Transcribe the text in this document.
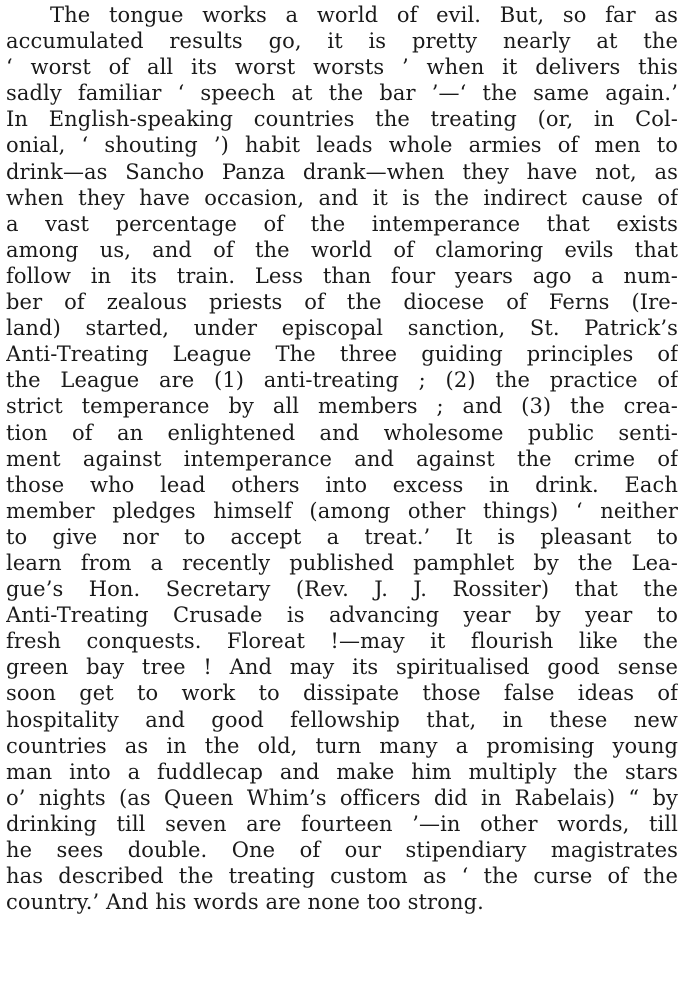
The tongue works a world of evil. But, so far as
accumulated results go, it is pretty nearly at the
‘ worst of all its worst worsts ’ when it delivers this
sadly familiar ‘ speech at the bar ’—‘ the same again.’
In English-speaking countries the treating (or, in Col-
onial, ‘ shouting ’) habit leads whole armies of men to
drink—as Sancho Panza drank—when they have not, as
when they have occasion, and it is the indirect cause of
a vast percentage of the intemperance that exists
among us, and of the world of clamoring evils that
follow in its train. Less than four years ago a num-
ber of zealous priests of the diocese of Ferns (Ire-
land) started, under episcopal sanction, St. Patrick’s
Anti-Treating League The three guiding principles of
the League are (1) anti-treating ; (2) the practice of
strict temperance by all members ; and (3) the crea-
tion of an enlightened and wholesome public senti-
ment against intemperance and against the crime of
those who lead others into excess in drink. Each
member pledges himself (among other things) ‘ neither
to give nor to accept a treat.’ It is pleasant to
learn from a recently published pamphlet by the Lea-
gue’s Hon. Secretary (Rev. J. J. Rossiter) that the
Anti-Treating Crusade is advancing year by year to
fresh conquests. Floreat !—may it flourish like the
green bay tree ! And may its spiritualised good sense
soon get to work to dissipate those false ideas of
hospitality and good fellowship that, in these new
countries as in the old, turn many a promising young
man into a fuddlecap and make him multiply the stars
o’ nights (as Queen Whim’s officers did in Rabelais) “ by
drinking till seven are fourteen ’—in other words, till
he sees double. One of our stipendiary magistrates
has described the treating custom as ‘ the curse of the
country.’ And his words are none too strong.
